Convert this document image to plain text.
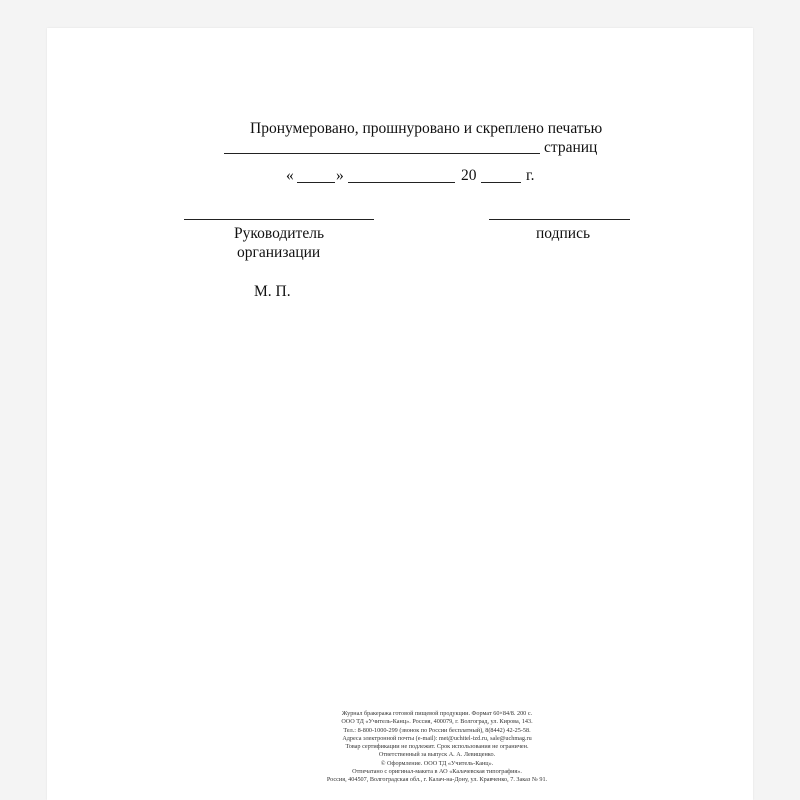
Пронумеровано, прошнуровано и скреплено печатью
страниц
«	»	20	г.
Руководитель
организации
подпись
М. П.
Журнал бракеража готовой пищевой продукции. Формат 60×84/8. 200 с.
ООО ТД «Учитель-Канц». Россия, 400079, г. Волгоград, ул. Кирова, 143.
Тел.: 8-800-1000-299 (звонок по России бесплатный), 8(8442) 42-25-58.
Адреса электронной почты (e-mail): met@uchitel-izd.ru, sale@uchmag.ru
Товар сертификации не подлежит. Срок использования не ограничен.
Ответственный за выпуск А. А. Левищенко.
© Оформление. ООО ТД «Учитель-Канц».
Отпечатано с оригинал-макета в АО «Калачевская типография».
Россия, 404507, Волгоградская обл., г. Калач-на-Дону, ул. Кравченко, 7. Заказ № 91.
